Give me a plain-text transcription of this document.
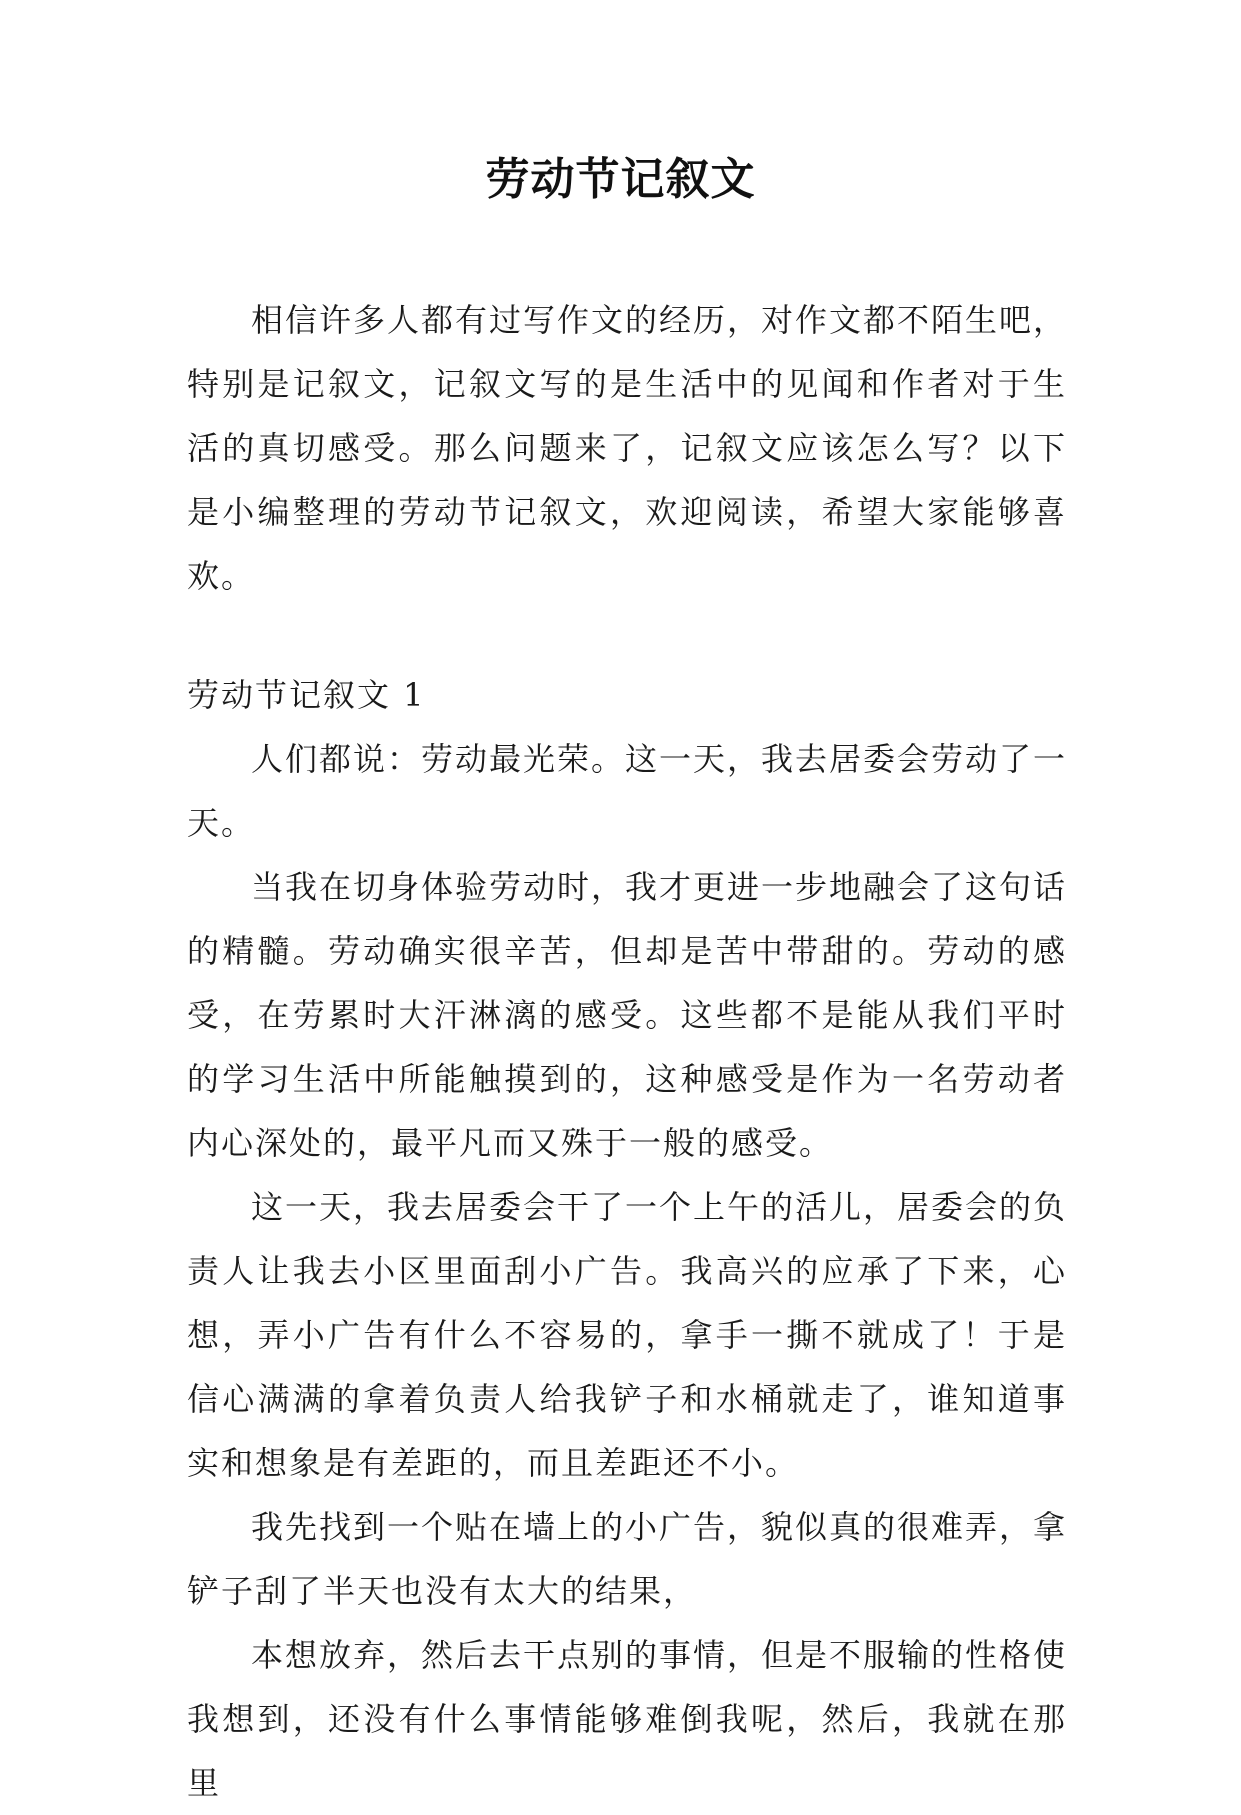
劳动节记叙文

相信许多人都有过写作文的经历，对作文都不陌生吧，特别是记叙文，记叙文写的是生活中的见闻和作者对于生活的真切感受。那么问题来了，记叙文应该怎么写？以下是小编整理的劳动节记叙文，欢迎阅读，希望大家能够喜欢。

劳动节记叙文 1

人们都说：劳动最光荣。这一天，我去居委会劳动了一天。

当我在切身体验劳动时，我才更进一步地融会了这句话的精髓。劳动确实很辛苦，但却是苦中带甜的。劳动的感受，在劳累时大汗淋漓的感受。这些都不是能从我们平时的学习生活中所能触摸到的，这种感受是作为一名劳动者内心深处的，最平凡而又殊于一般的感受。

这一天，我去居委会干了一个上午的活儿，居委会的负责人让我去小区里面刮小广告。我高兴的应承了下来，心想，弄小广告有什么不容易的，拿手一撕不就成了！于是信心满满的拿着负责人给我铲子和水桶就走了，谁知道事实和想象是有差距的，而且差距还不小。

我先找到一个贴在墙上的小广告，貌似真的很难弄，拿铲子刮了半天也没有太大的结果，

本想放弃，然后去干点别的事情，但是不服输的性格使我想到，还没有什么事情能够难倒我呢，然后，我就在那里
